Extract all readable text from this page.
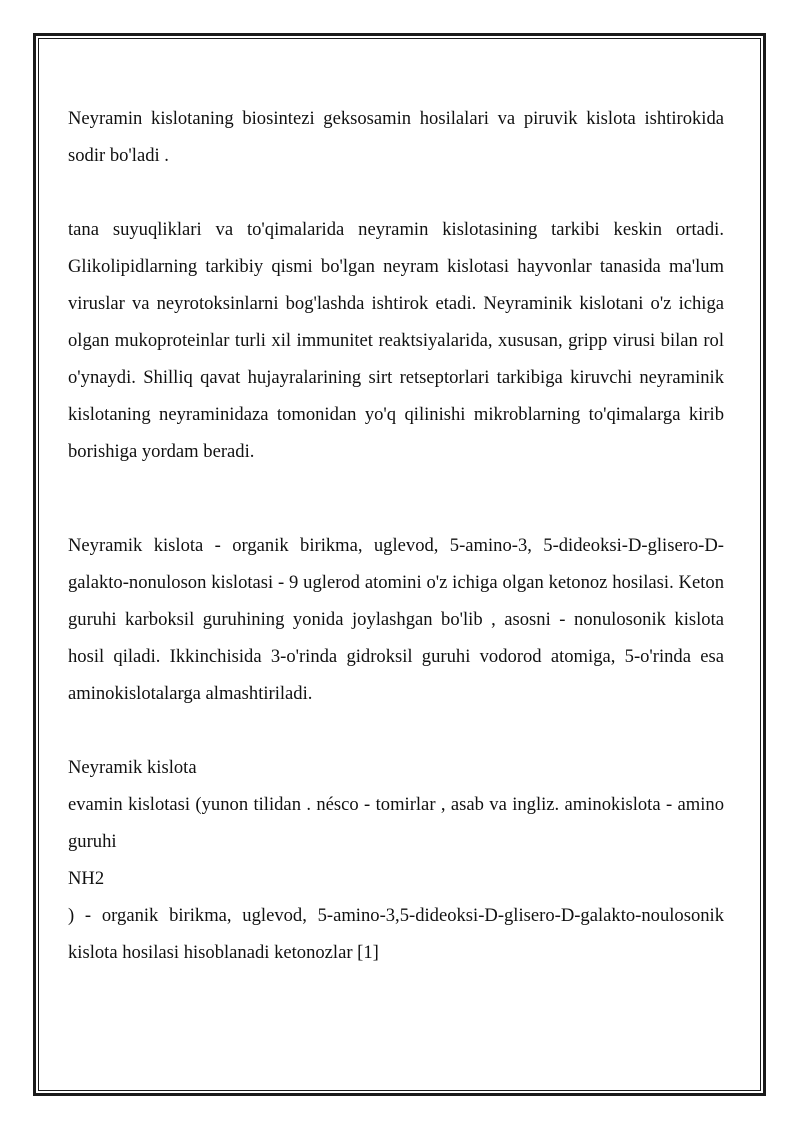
Neyramin kislotaning biosintezi geksosamin hosilalari va piruvik kislota ishtirokida sodir bo'ladi .

tana suyuqliklari va to'qimalarida neyramin kislotasining tarkibi keskin ortadi. Glikolipidlarning tarkibiy qismi bo'lgan neyram kislotasi hayvonlar tanasida ma'lum viruslar va neyrotoksinlarni bog'lashda ishtirok etadi. Neyraminik kislotani o'z ichiga olgan mukoproteinlar turli xil immunitet reaktsiyalarida, xususan, gripp virusi bilan rol o'ynaydi. Shilliq qavat hujayralarining sirt retseptorlari tarkibiga kiruvchi neyraminik kislotaning neyraminidaza tomonidan yo'q qilinishi mikroblarning to'qimalarga kirib borishiga yordam beradi.

Neyramik kislota - organik birikma, uglevod, 5-amino-3, 5-dideoksi-D-glisero-D-galakto-nonuloson kislotasi - 9 uglerod atomini o'z ichiga olgan ketonoz hosilasi. Keton guruhi karboksil guruhining yonida joylashgan bo'lib , asosni - nonulosonik kislota hosil qiladi. Ikkinchisida 3-o'rinda gidroksil guruhi vodorod atomiga, 5-o'rinda esa aminokislotalarga almashtiriladi.

Neyramik kislota

evamin kislotasi (yunon tilidan . nésco - tomirlar , asab va ingliz. aminokislota - amino guruhi

NH2

) - organik birikma, uglevod, 5-amino-3,5-dideoksi-D-glisero-D-galakto-noulosonik kislota hosilasi hisoblanadi ketonozlar [1]
